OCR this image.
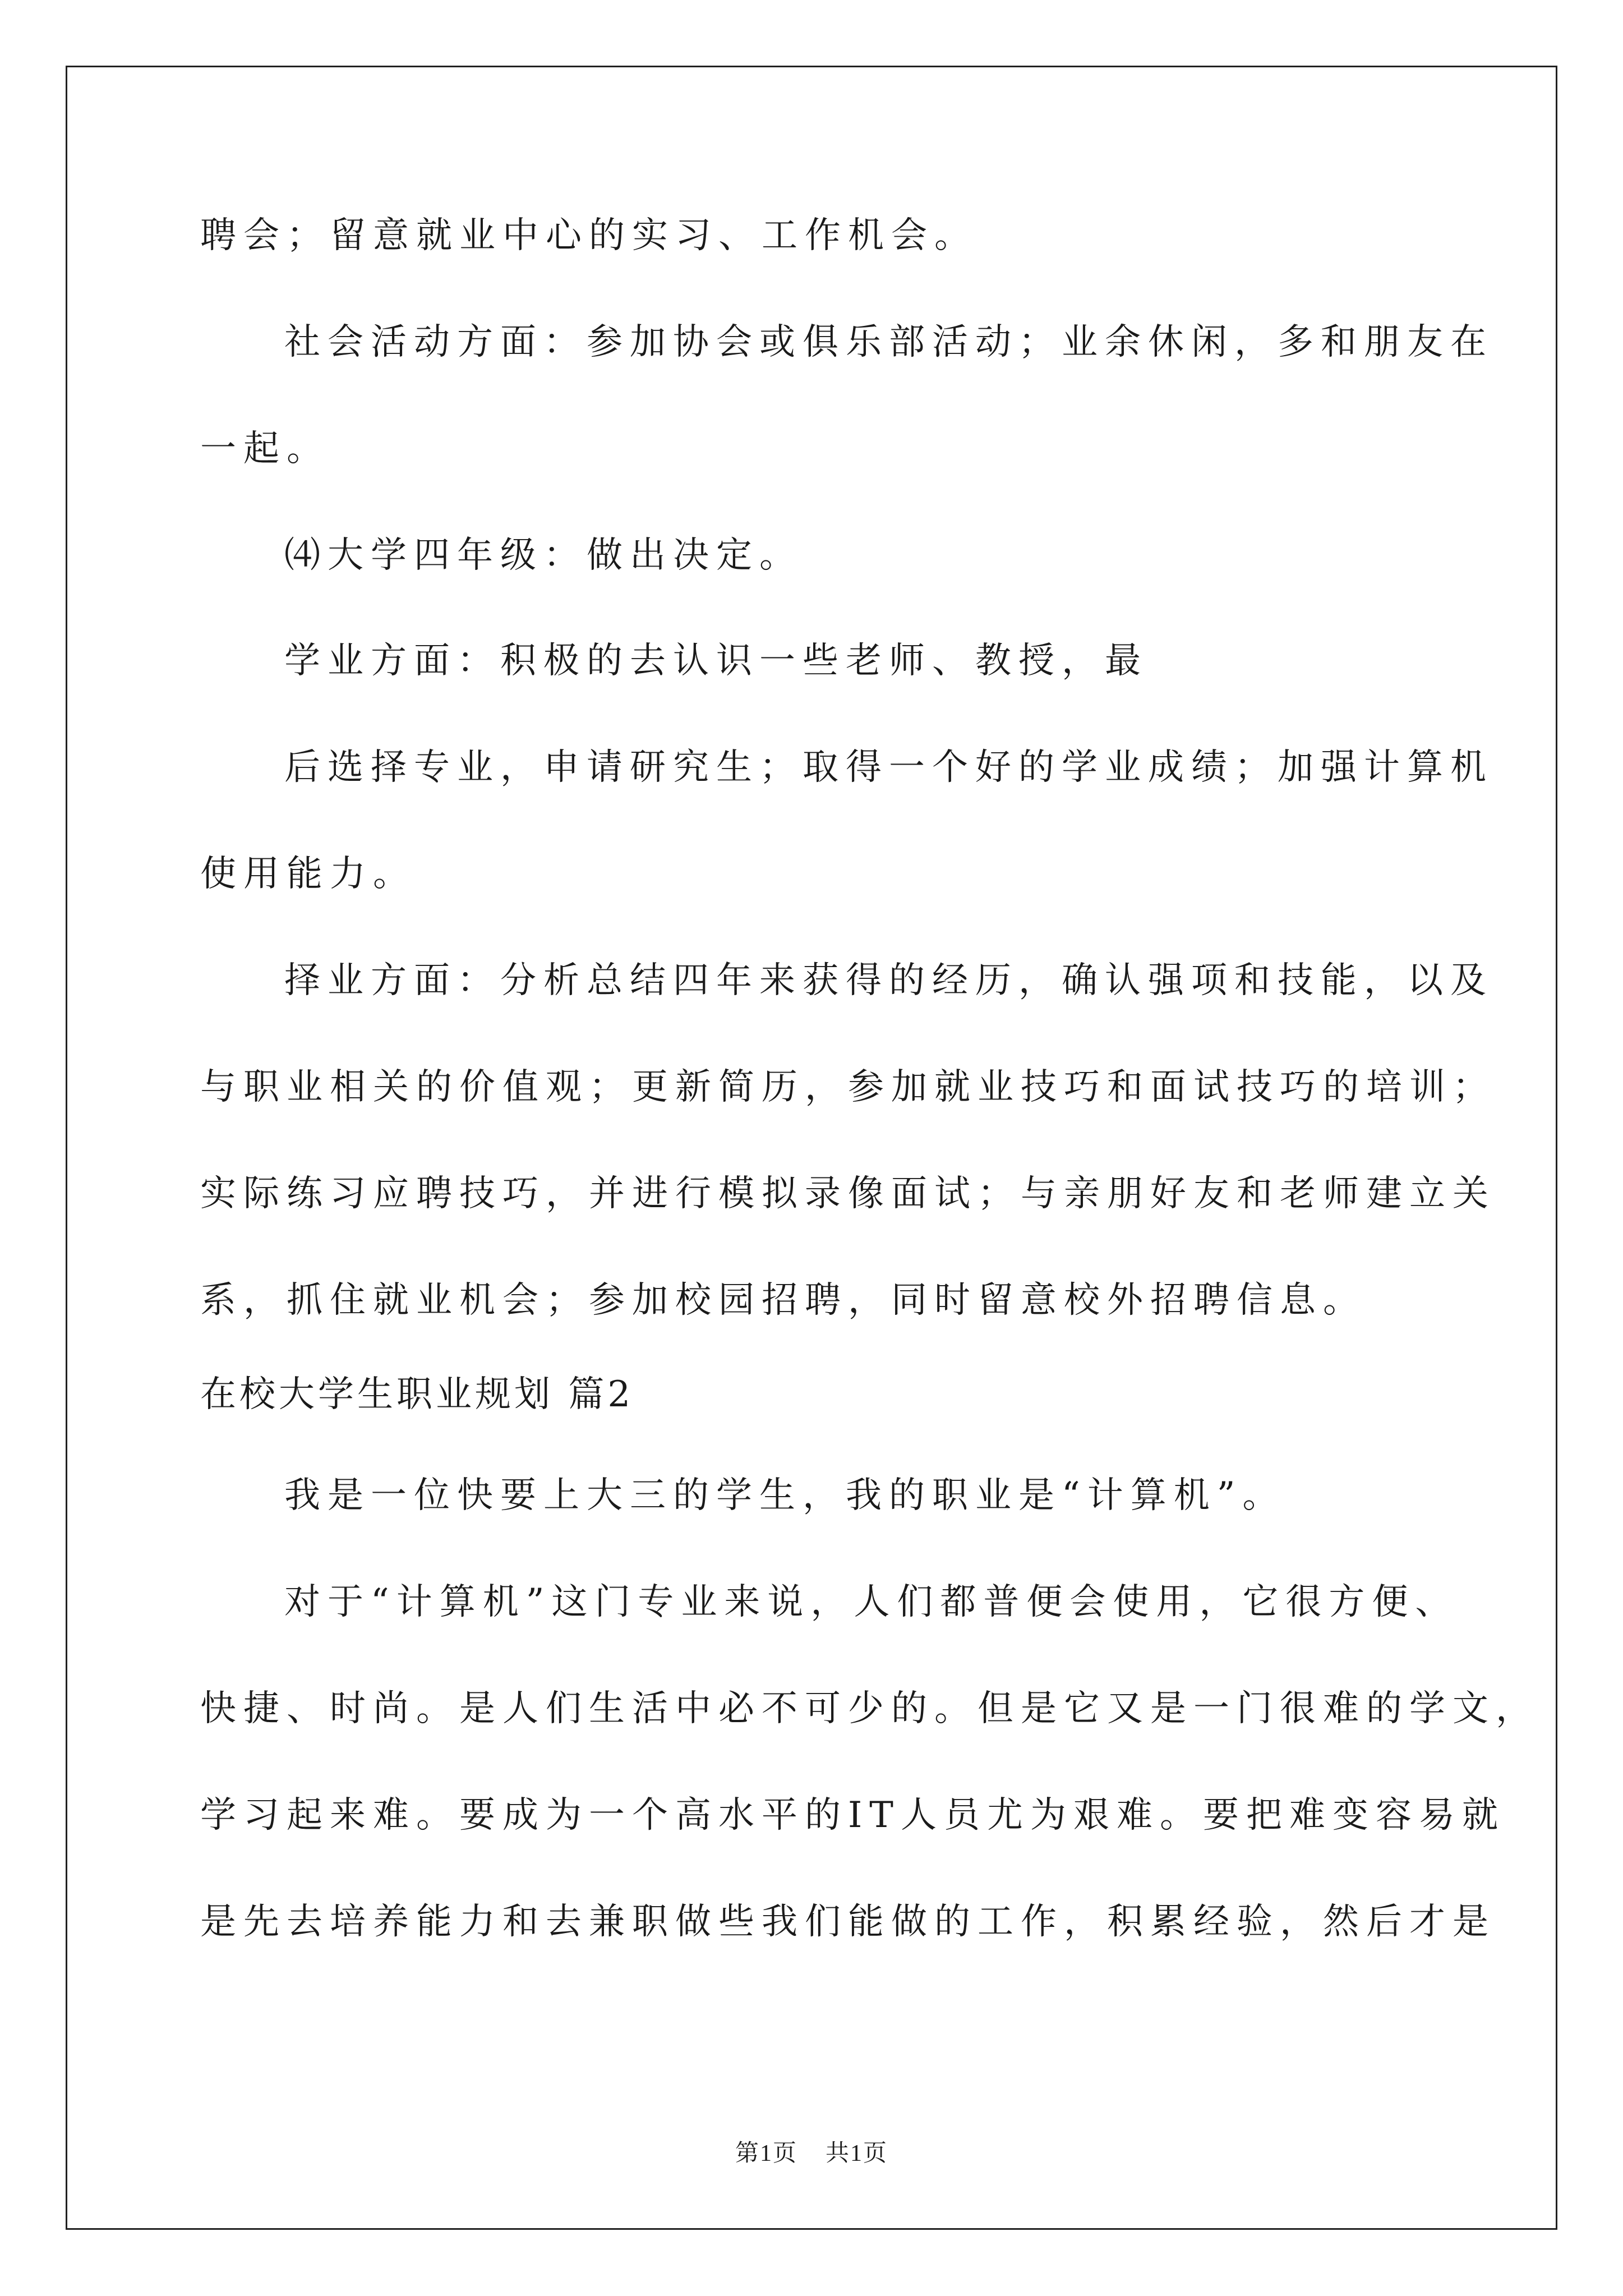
聘会；留意就业中心的实习、工作机会。
社会活动方面：参加协会或俱乐部活动；业余休闲，多和朋友在
一起。
⑷大学四年级：做出决定。
学业方面：积极的去认识一些老师、教授，最
后选择专业，申请研究生；取得一个好的学业成绩；加强计算机
使用能力。
择业方面：分析总结四年来获得的经历，确认强项和技能，以及
与职业相关的价值观；更新简历，参加就业技巧和面试技巧的培训；
实际练习应聘技巧，并进行模拟录像面试；与亲朋好友和老师建立关
系，抓住就业机会；参加校园招聘，同时留意校外招聘信息。
在校大学生职业规划 篇2
我是一位快要上大三的学生，我的职业是“计算机”。
对于“计算机”这门专业来说，人们都普便会使用，它很方便、
快捷、时尚。是人们生活中必不可少的。但是它又是一门很难的学文，
学习起来难。要成为一个高水平的IT人员尤为艰难。要把难变容易就
是先去培养能力和去兼职做些我们能做的工作，积累经验，然后才是
第1页 共1页
